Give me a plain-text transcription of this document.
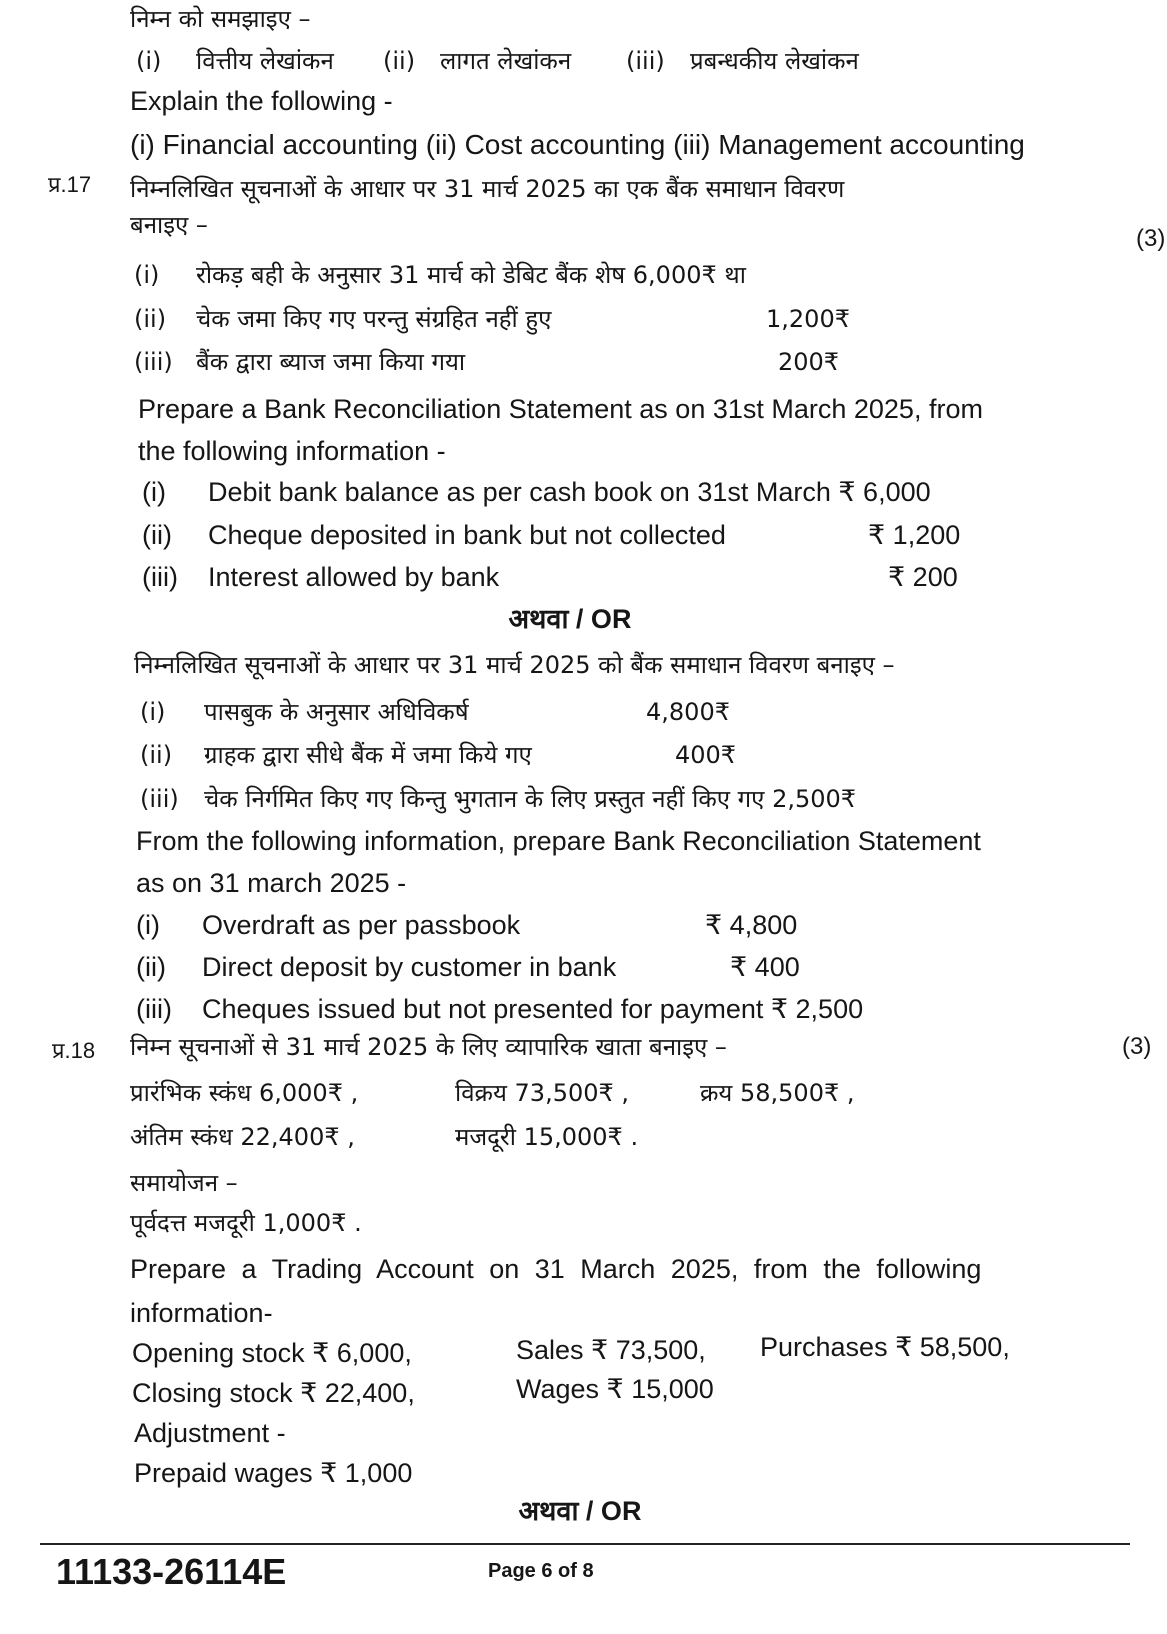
निम्न को समझाइए –
(i) वित्तीय लेखांकन (ii) लागत लेखांकन (iii) प्रबन्धकीय लेखांकन
Explain the following -
(i) Financial accounting (ii) Cost accounting (iii) Management accounting
प्र.17 निम्नलिखित सूचनाओं के आधार पर 31 मार्च 2025 का एक बैंक समाधान विवरण
बनाइए –	(3)
(i) रोकड़ बही के अनुसार 31 मार्च को डेबिट बैंक शेष 6,000₹ था
(ii) चेक जमा किए गए परन्तु संग्रहित नहीं हुए	1,200₹
(iii) बैंक द्वारा ब्याज जमा किया गया	200₹
Prepare a Bank Reconciliation Statement as on 31st March 2025, from
the following information -
(i) Debit bank balance as per cash book on 31st March ₹ 6,000
(ii) Cheque deposited in bank but not collected	₹ 1,200
(iii) Interest allowed by bank	₹ 200
अथवा / OR
निम्नलिखित सूचनाओं के आधार पर 31 मार्च 2025 को बैंक समाधान विवरण बनाइए –
(i) पासबुक के अनुसार अधिविकर्ष	4,800₹
(ii) ग्राहक द्वारा सीधे बैंक में जमा किये गए	400₹
(iii) चेक निर्गमित किए गए किन्तु भुगतान के लिए प्रस्तुत नहीं किए गए 2,500₹
From the following information, prepare Bank Reconciliation Statement
as on 31 march 2025 -
(i) Overdraft as per passbook	₹ 4,800
(ii) Direct deposit by customer in bank	₹ 400
(iii) Cheques issued but not presented for payment ₹ 2,500
प्र.18 निम्न सूचनाओं से 31 मार्च 2025 के लिए व्यापारिक खाता बनाइए –	(3)
प्रारंभिक स्कंध 6,000₹ ,	विक्रय 73,500₹ ,	क्रय 58,500₹ ,
अंतिम स्कंध 22,400₹ ,	मजदूरी 15,000₹ .
समायोजन –
पूर्वदत्त मजदूरी 1,000₹ .
Prepare a Trading Account on 31 March 2025, from the following
information-
Opening stock ₹ 6,000,	Sales ₹ 73,500, Purchases ₹ 58,500,
Closing stock ₹ 22,400,	Wages ₹ 15,000
Adjustment -
Prepaid wages ₹ 1,000
अथवा / OR
11133-26114E	Page 6 of 8
